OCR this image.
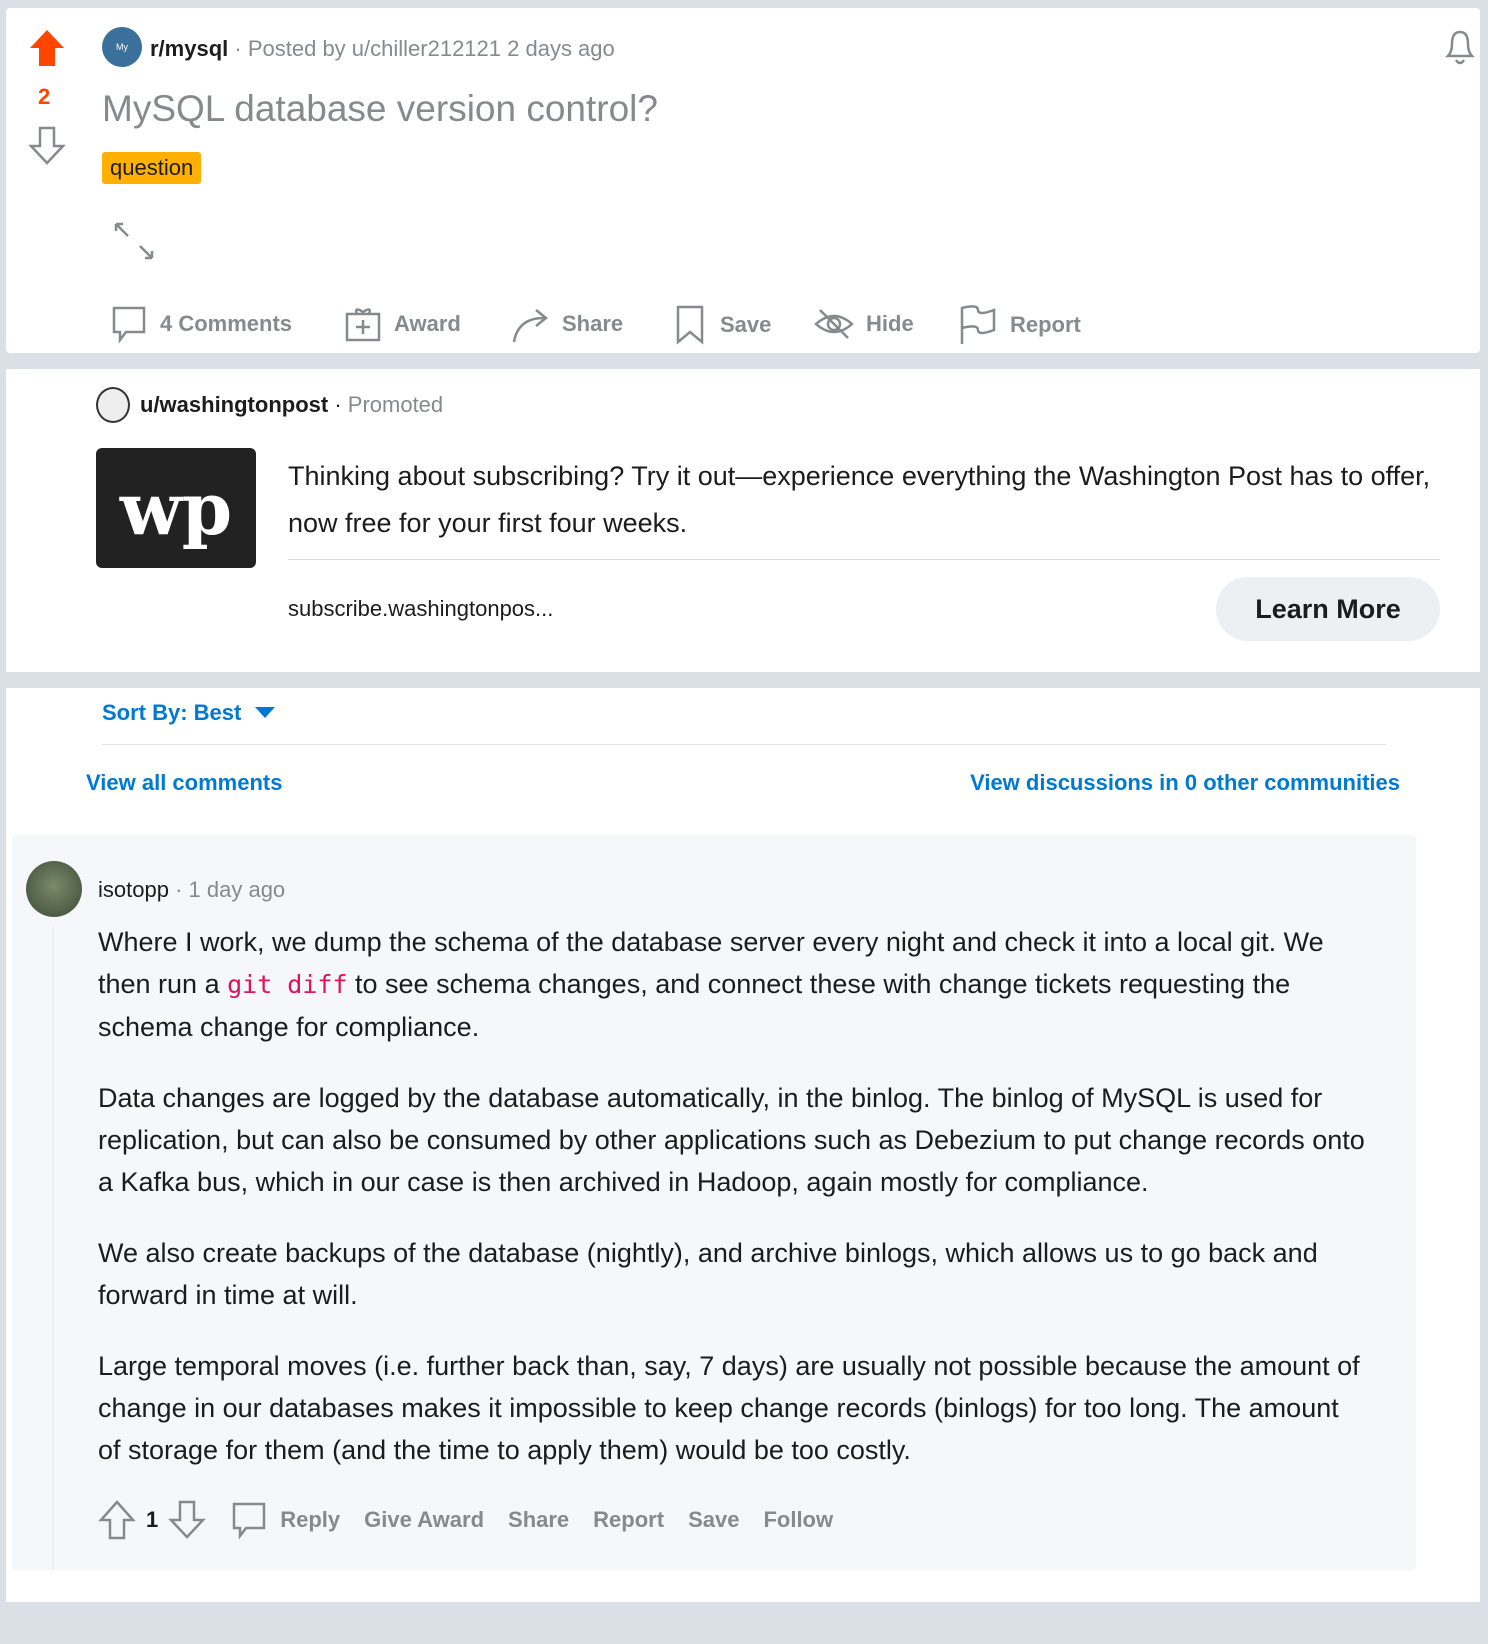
2
My	r/mysql · Posted by u/chiller212121 2 days ago
MySQL database version control?
question
4 Comments	Award	Share	Save	Hide	Report
u/washingtonpost · Promoted
wp	Thinking about subscribing? Try it out—experience everything the Washington Post has to offer, now free for your first four weeks.
subscribe.washingtonpos...	Learn More
Sort By: Best
View all comments	View discussions in 0 other communities
isotopp · 1 day ago

Where I work, we dump the schema of the database server every night and check it into a local git. We then run a git diff to see schema changes, and connect these with change tickets requesting the schema change for compliance.

Data changes are logged by the database automatically, in the binlog. The binlog of MySQL is used for replication, but can also be consumed by other applications such as Debezium to put change records onto a Kafka bus, which in our case is then archived in Hadoop, again mostly for compliance.

We also create backups of the database (nightly), and archive binlogs, which allows us to go back and forward in time at will.

Large temporal moves (i.e. further back than, say, 7 days) are usually not possible because the amount of change in our databases makes it impossible to keep change records (binlogs) for too long. The amount of storage for them (and the time to apply them) would be too costly.

1	Reply Give Award Share Report Save Follow
